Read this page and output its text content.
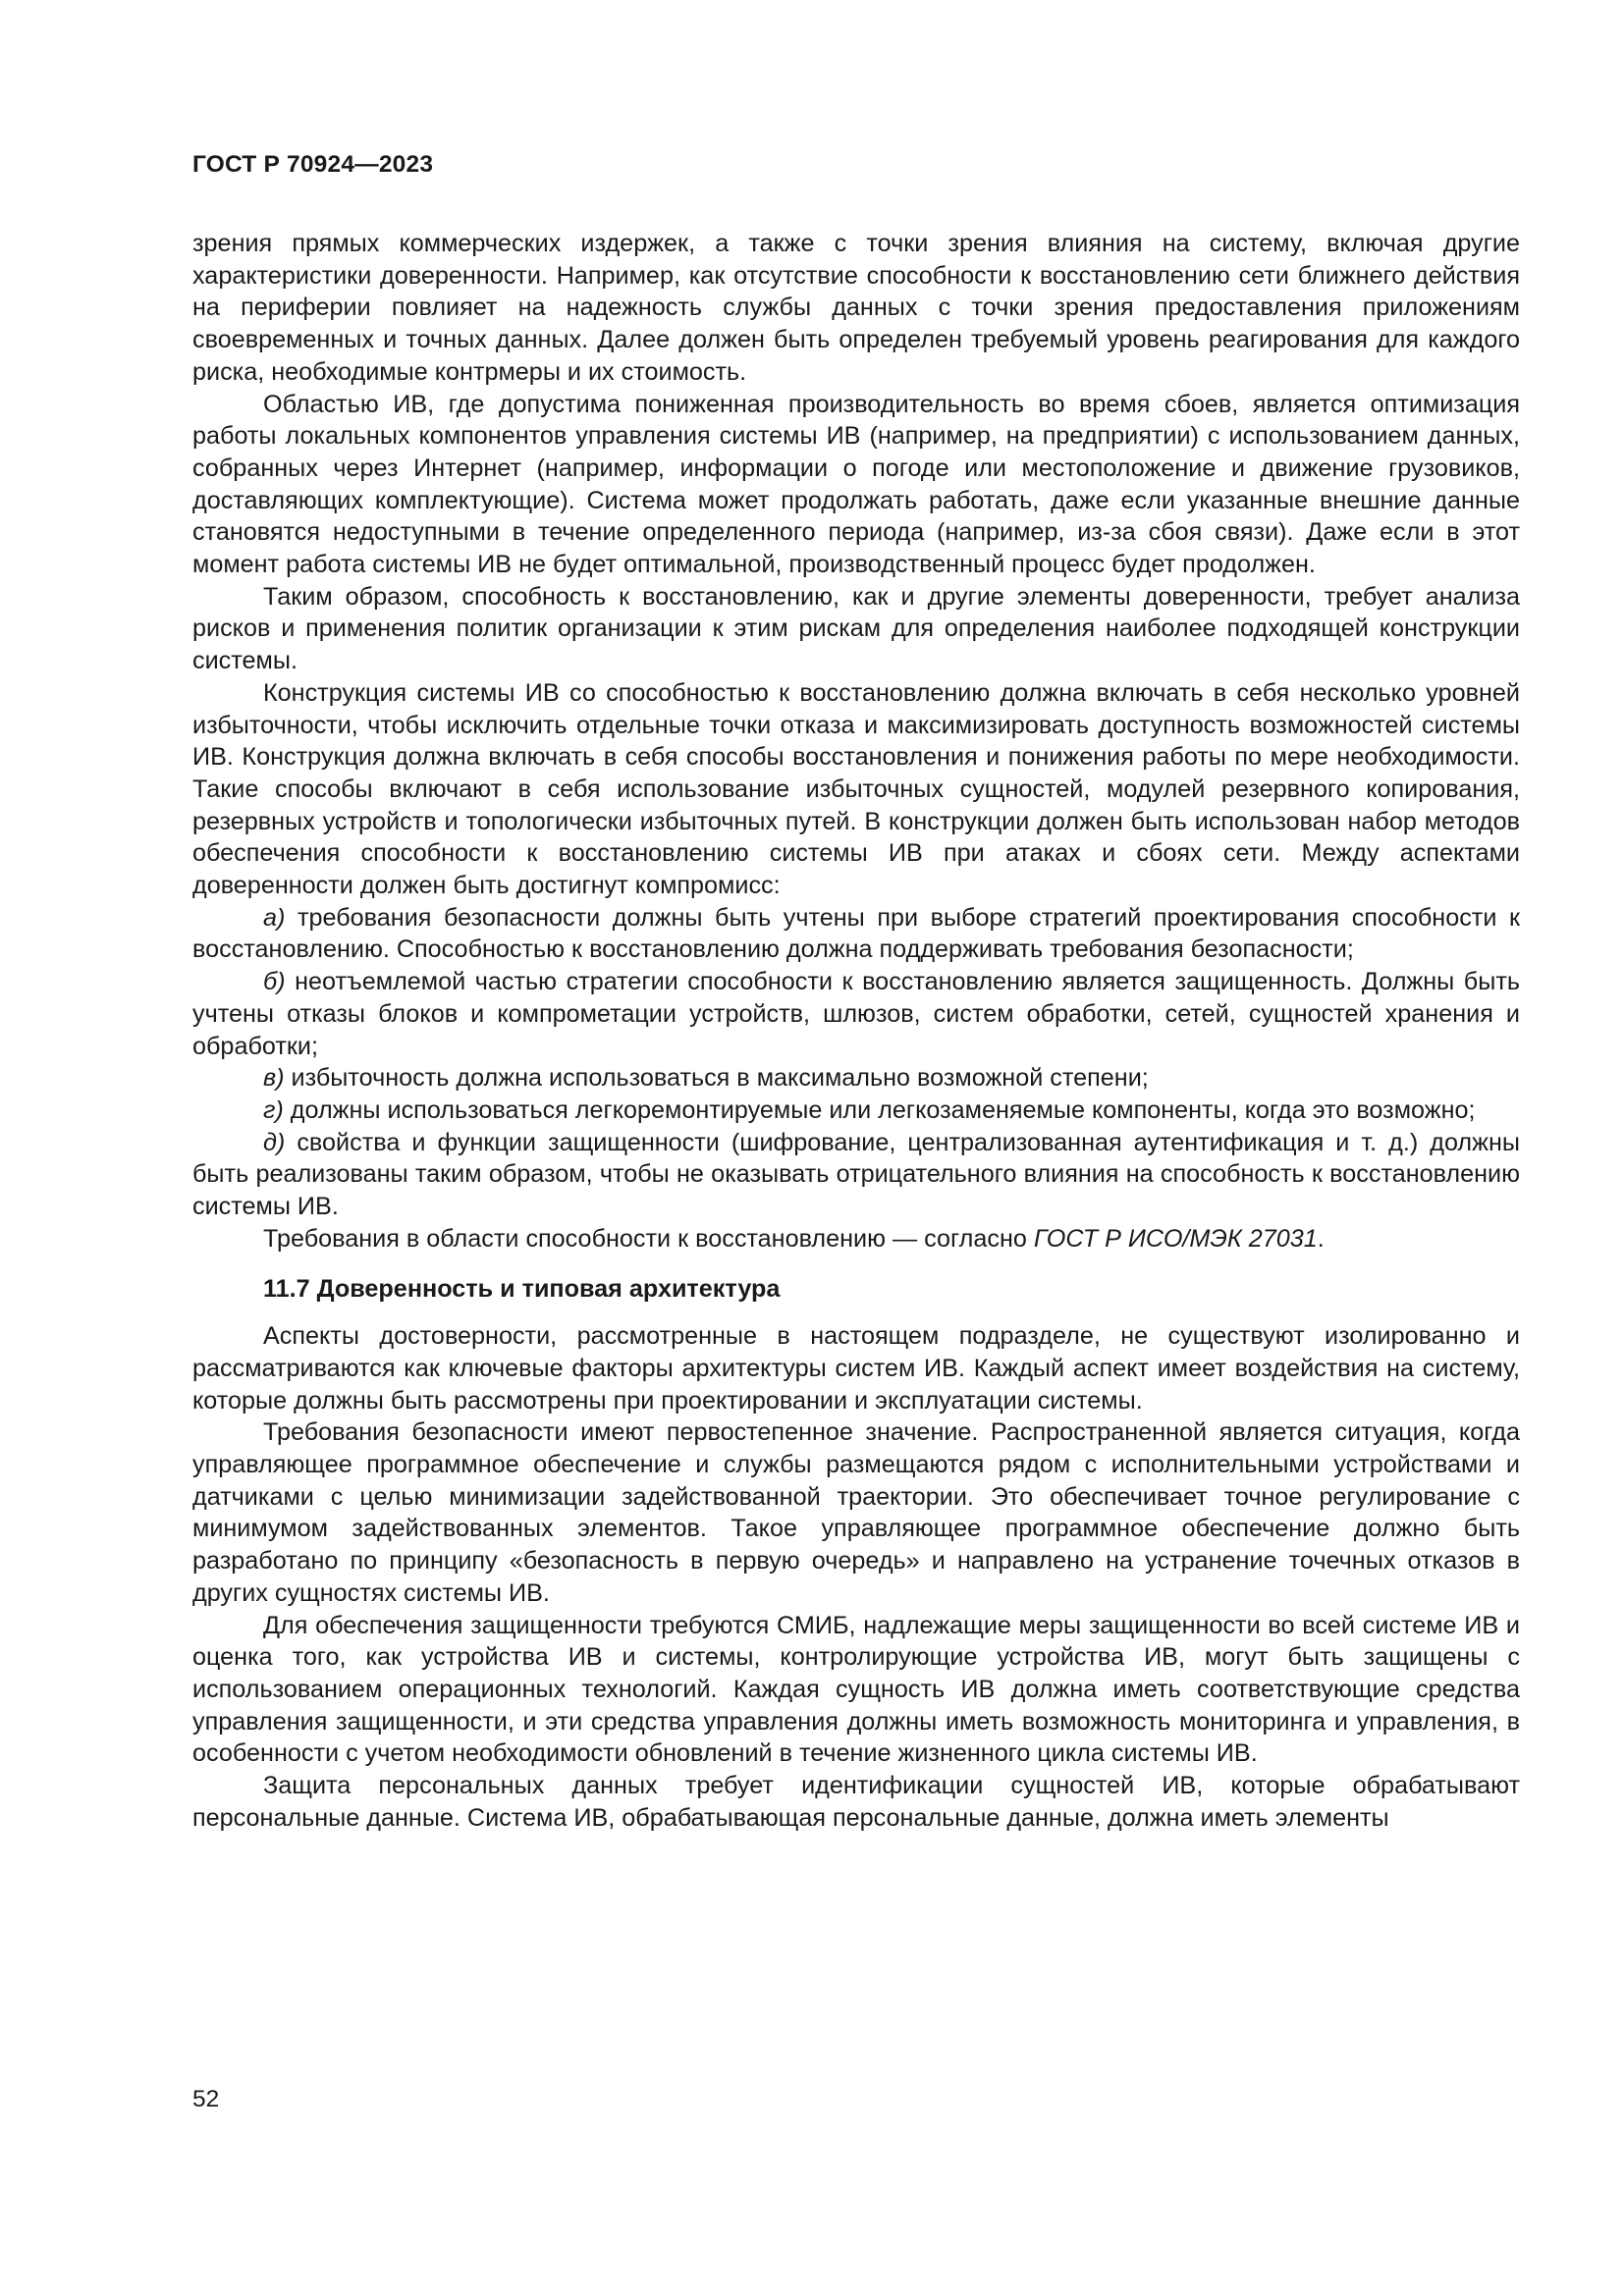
ГОСТ Р 70924—2023

зрения прямых коммерческих издержек, а также с точки зрения влияния на систему, включая другие характеристики доверенности. Например, как отсутствие способности к восстановлению сети ближнего действия на периферии повлияет на надежность службы данных с точки зрения предоставления приложениям своевременных и точных данных. Далее должен быть определен требуемый уровень реагирования для каждого риска, необходимые контрмеры и их стоимость.

Областью ИВ, где допустима пониженная производительность во время сбоев, является оптимизация работы локальных компонентов управления системы ИВ (например, на предприятии) с использованием данных, собранных через Интернет (например, информации о погоде или местоположение и движение грузовиков, доставляющих комплектующие). Система может продолжать работать, даже если указанные внешние данные становятся недоступными в течение определенного периода (например, из-за сбоя связи). Даже если в этот момент работа системы ИВ не будет оптимальной, производственный процесс будет продолжен.

Таким образом, способность к восстановлению, как и другие элементы доверенности, требует анализа рисков и применения политик организации к этим рискам для определения наиболее подходящей конструкции системы.

Конструкция системы ИВ со способностью к восстановлению должна включать в себя несколько уровней избыточности, чтобы исключить отдельные точки отказа и максимизировать доступность возможностей системы ИВ. Конструкция должна включать в себя способы восстановления и понижения работы по мере необходимости. Такие способы включают в себя использование избыточных сущностей, модулей резервного копирования, резервных устройств и топологически избыточных путей. В конструкции должен быть использован набор методов обеспечения способности к восстановлению системы ИВ при атаках и сбоях сети. Между аспектами доверенности должен быть достигнут компромисс:

а) требования безопасности должны быть учтены при выборе стратегий проектирования способности к восстановлению. Способностью к восстановлению должна поддерживать требования безопасности;

б) неотъемлемой частью стратегии способности к восстановлению является защищенность. Должны быть учтены отказы блоков и компрометации устройств, шлюзов, систем обработки, сетей, сущностей хранения и обработки;

в) избыточность должна использоваться в максимально возможной степени;

г) должны использоваться легкоремонтируемые или легкозаменяемые компоненты, когда это возможно;

д) свойства и функции защищенности (шифрование, централизованная аутентификация и т. д.) должны быть реализованы таким образом, чтобы не оказывать отрицательного влияния на способность к восстановлению системы ИВ.

Требования в области способности к восстановлению — согласно ГОСТ Р ИСО/МЭК 27031.

11.7 Доверенность и типовая архитектура

Аспекты достоверности, рассмотренные в настоящем подразделе, не существуют изолированно и рассматриваются как ключевые факторы архитектуры систем ИВ. Каждый аспект имеет воздействия на систему, которые должны быть рассмотрены при проектировании и эксплуатации системы.

Требования безопасности имеют первостепенное значение. Распространенной является ситуация, когда управляющее программное обеспечение и службы размещаются рядом с исполнительными устройствами и датчиками с целью минимизации задействованной траектории. Это обеспечивает точное регулирование с минимумом задействованных элементов. Такое управляющее программное обеспечение должно быть разработано по принципу «безопасность в первую очередь» и направлено на устранение точечных отказов в других сущностях системы ИВ.

Для обеспечения защищенности требуются СМИБ, надлежащие меры защищенности во всей системе ИВ и оценка того, как устройства ИВ и системы, контролирующие устройства ИВ, могут быть защищены с использованием операционных технологий. Каждая сущность ИВ должна иметь соответствующие средства управления защищенности, и эти средства управления должны иметь возможность мониторинга и управления, в особенности с учетом необходимости обновлений в течение жизненного цикла системы ИВ.

Защита персональных данных требует идентификации сущностей ИВ, которые обрабатывают персональные данные. Система ИВ, обрабатывающая персональные данные, должна иметь элементы

52
